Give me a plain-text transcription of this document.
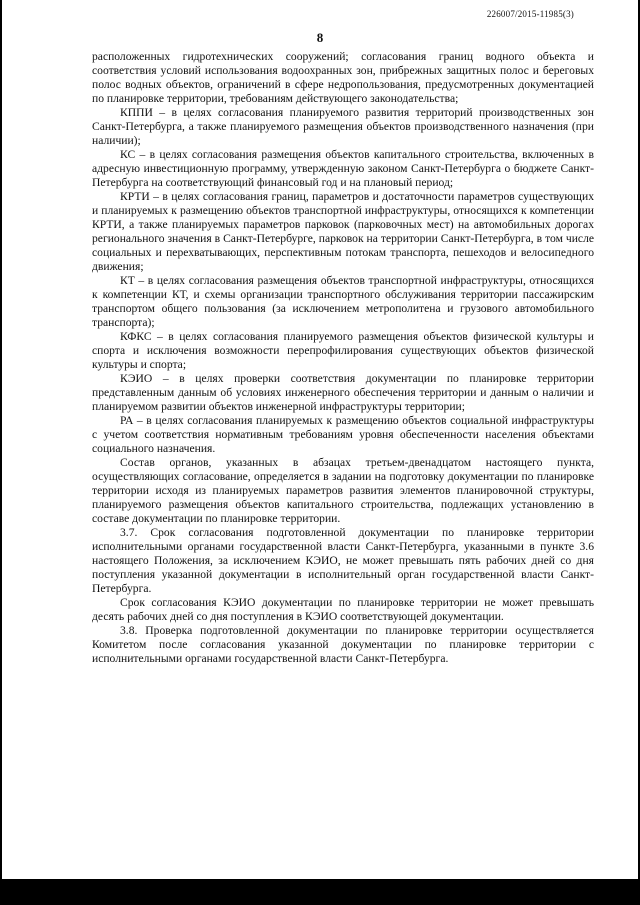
226007/2015-11985(3)
8

расположенных гидротехнических сооружений; согласования границ водного объекта и соответствия условий использования водоохранных зон, прибрежных защитных полос и береговых полос водных объектов, ограничений в сфере недропользования, предусмотренных документацией по планировке территории, требованиям действующего законодательства;

КППИ – в целях согласования планируемого развития территорий производственных зон Санкт-Петербурга, а также планируемого размещения объектов производственного назначения (при наличии);

КС – в целях согласования размещения объектов капитального строительства, включенных в адресную инвестиционную программу, утвержденную законом Санкт-Петербурга о бюджете Санкт-Петербурга на соответствующий финансовый год и на плановый период;

КРТИ – в целях согласования границ, параметров и достаточности параметров существующих и планируемых к размещению объектов транспортной инфраструктуры, относящихся к компетенции КРТИ, а также планируемых параметров парковок (парковочных мест) на автомобильных дорогах регионального значения в Санкт-Петербурге, парковок на территории Санкт-Петербурга, в том числе социальных и перехватывающих, перспективным потокам транспорта, пешеходов и велосипедного движения;

КТ – в целях согласования размещения объектов транспортной инфраструктуры, относящихся к компетенции КТ, и схемы организации транспортного обслуживания территории пассажирским транспортом общего пользования (за исключением метрополитена и грузового автомобильного транспорта);

КФКС – в целях согласования планируемого размещения объектов физической культуры и спорта и исключения возможности перепрофилирования существующих объектов физической культуры и спорта;

КЭИО – в целях проверки соответствия документации по планировке территории представленным данным об условиях инженерного обеспечения территории и данным о наличии и планируемом развитии объектов инженерной инфраструктуры территории;

РА – в целях согласования планируемых к размещению объектов социальной инфраструктуры с учетом соответствия нормативным требованиям уровня обеспеченности населения объектами социального назначения.

Состав органов, указанных в абзацах третьем-двенадцатом настоящего пункта, осуществляющих согласование, определяется в задании на подготовку документации по планировке территории исходя из планируемых параметров развития элементов планировочной структуры, планируемого размещения объектов капитального строительства, подлежащих установлению в составе документации по планировке территории.

3.7. Срок согласования подготовленной документации по планировке территории исполнительными органами государственной власти Санкт-Петербурга, указанными в пункте 3.6 настоящего Положения, за исключением КЭИО, не может превышать пять рабочих дней со дня поступления указанной документации в исполнительный орган государственной власти Санкт-Петербурга.

Срок согласования КЭИО документации по планировке территории не может превышать десять рабочих дней со дня поступления в КЭИО соответствующей документации.

3.8. Проверка подготовленной документации по планировке территории осуществляется Комитетом после согласования указанной документации по планировке территории с исполнительными органами государственной власти Санкт-Петербурга.
